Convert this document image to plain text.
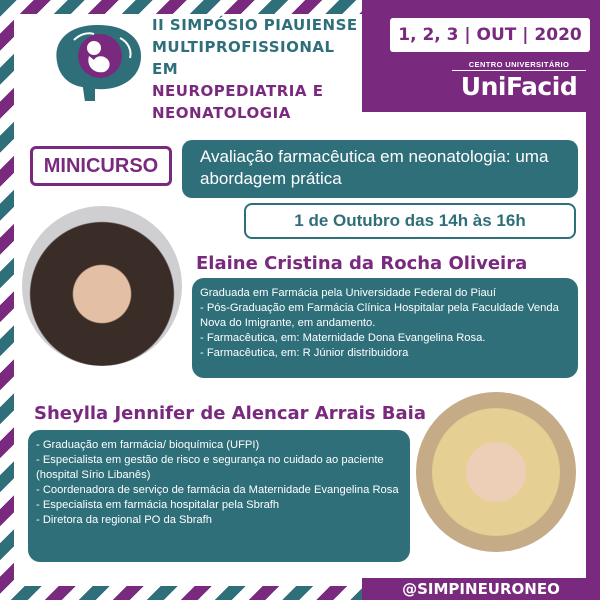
II SIMPÓSIO PIAUIENSE
MULTIPROFISSIONAL EM
NEUROPEDIATRIA E
NEONATOLOGIA
1, 2, 3 | OUT | 2020
CENTRO UNIVERSITÁRIO
UniFacid
MINICURSO	Avaliação farmacêutica em neonatologia: uma abordagem prática
1 de Outubro das 14h às 16h
Elaine Cristina da Rocha Oliveira
Graduada em Farmácia pela Universidade Federal do Piauí
- Pós-Graduação em Farmácia Clínica Hospitalar pela Faculdade Venda Nova do Imigrante, em andamento.
- Farmacêutica, em: Maternidade Dona Evangelina Rosa.
- Farmacêutica, em: R Júnior distribuidora
Sheylla Jennifer de Alencar Arrais Baia
- Graduação em farmácia/ bioquímica (UFPI)
- Especialista em gestão de risco e segurança no cuidado ao paciente (hospital Sírio Libanês)
- Coordenadora de serviço de farmácia da Maternidade Evangelina Rosa
- Especialista em farmácia hospitalar pela Sbrafh
- Diretora da regional PO da Sbrafh
@SIMPINEURONEO
